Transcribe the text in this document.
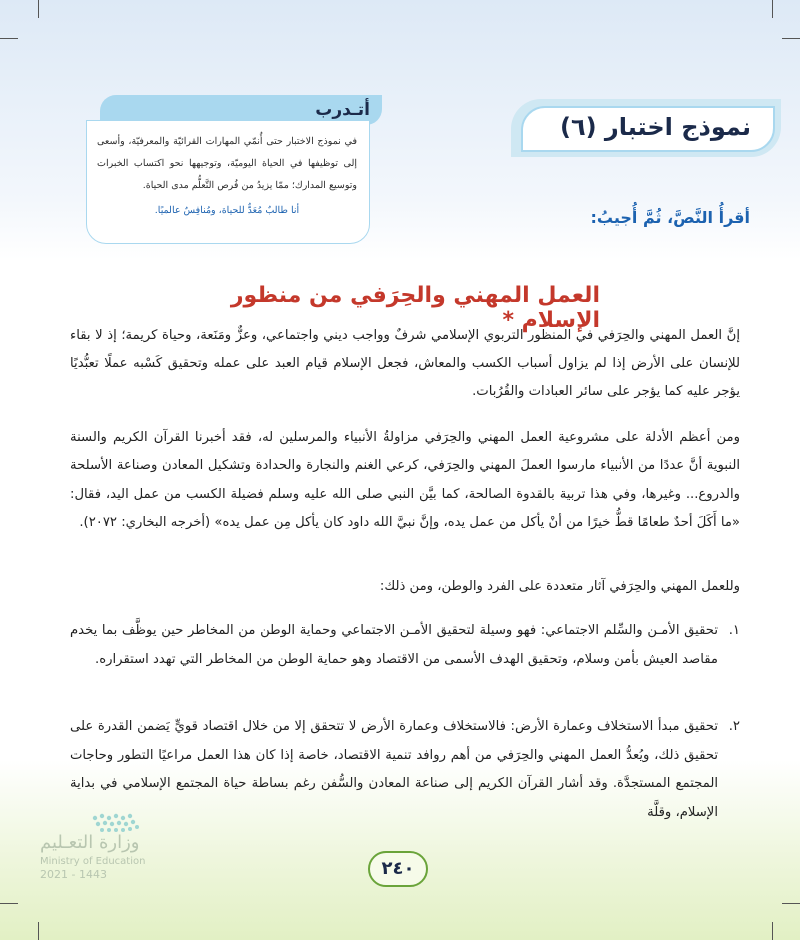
أتـدرب

في نموذج الاختبار حتى أُنمّي المهارات القرائيّة والمعرفيّة، وأسعى إلى توظيفها في الحياة اليوميّة، وتوجيهها نحو اكتساب الخبرات وتوسيع المدارك؛ ممّا يزيدُ من فُرص التَّعلُّم مدى الحياة.

أنا طالبٌ مُعَدٌّ للحياة، ومُنافِسٌ عالميًا.
نموذج اختبار (٦)
أقرأُ النَّصَّ، ثُمَّ أُجيبُ:
العمل المهني والحِرَفي من منظور الإسلام *

إنَّ العمل المهني والحِرَفي في المنظور التربوي الإسلامي شرفٌ وواجب ديني واجتماعي، وعزٌّ ومَنَعة، وحياة كريمة؛ إذ لا بقاء للإنسان على الأرض إذا لم يزاول أسباب الكسب والمعاش، فجعل الإسلام قيام العبد على عمله وتحقيق كَسْبه عملًا تعبُّديًا يؤجر عليه كما يؤجر على سائر العبادات والقُرُبات.

ومن أعظم الأدلة على مشروعية العمل المهني والحِرَفي مزاولةُ الأنبياء والمرسلين له، فقد أخبرنا القرآن الكريم والسنة النبوية أنَّ عددًا من الأنبياء مارسوا العملَ المهني والحِرَفي، كرعي الغنم والنجارة والحدادة وتشكيل المعادن وصناعة الأسلحة والدروع... وغيرها، وفي هذا تربية بالقدوة الصالحة، كما بيَّن النبي صلى الله عليه وسلم فضيلة الكسب من عمل اليد، فقال: «ما أَكَلَ أحدٌ طعامًا قطُّ خيرًا من أنْ يأكل من عمل يده، وإنَّ نبيَّ الله داود كان يأكل مِن عمل يده» (أخرجه البخاري: ٢٠٧٢).

وللعمل المهني والحِرَفي آثار متعددة على الفرد والوطن، ومن ذلك:

١.
تحقيق الأمـن والسِّلم الاجتماعي: فهو وسيلة لتحقيق الأمـن الاجتماعي وحماية الوطن من المخاطر حين يوظَّف بما يخدم مقاصد العيش بأمن وسلام، وتحقيق الهدف الأسمى من الاقتصاد وهو حماية الوطن من المخاطر التي تهدد استقراره.
٢.
تحقيق مبدأ الاستخلاف وعمارة الأرض: فالاستخلاف وعمارة الأرض لا تتحقق إلا من خلال اقتصاد قويٍّ يَضمن القدرة على تحقيق ذلك، ويُعدُّ العمل المهني والحِرَفي من أهم روافد تنمية الاقتصاد، خاصة إذا كان هذا العمل مراعيًا التطور وحاجات المجتمع المستجدَّة. وقد أشار القرآن الكريم إلى صناعة المعادن والسُّفن رغم بساطة حياة المجتمع الإسلامي في بداية الإسلام، وقلَّة
وزارة التعـليم
Ministry of Education
2021 - 1443	٢٤٠
